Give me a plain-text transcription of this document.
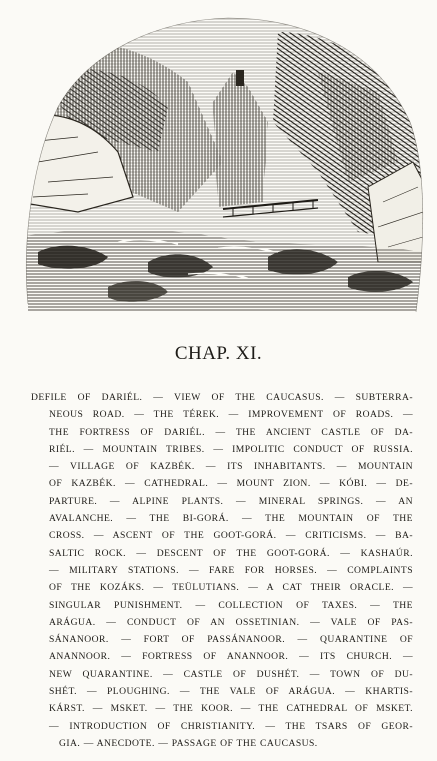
CHAP. XI.
DEFILE OF DARIÉL. — VIEW OF THE CAUCASUS. — SUBTERRA-
NEOUS ROAD. — THE TÉREK. — IMPROVEMENT OF ROADS. —
THE FORTRESS OF DARIÉL. — THE ANCIENT CASTLE OF DA-
RIÉL. — MOUNTAIN TRIBES. — IMPOLITIC CONDUCT OF RUSSIA.
— VILLAGE OF KAZBÉK. — ITS INHABITANTS. — MOUNTAIN
OF KAZBÉK. — CATHEDRAL. — MOUNT ZION. — KÓBI. — DE-
PARTURE. — ALPINE PLANTS. — MINERAL SPRINGS. — AN
AVALANCHE. — THE BI-GORÁ. — THE MOUNTAIN OF THE
CROSS. — ASCENT OF THE GOOT-GORÁ. — CRITICISMS. — BA-
SALTIC ROCK. — DESCENT OF THE GOOT-GORÁ. — KASHAÚR.
— MILITARY STATIONS. — FARE FOR HORSES. — COMPLAINTS
OF THE KOZÁKS. — TEÜLUTIANS. — A CAT THEIR ORACLE. —
SINGULAR PUNISHMENT. — COLLECTION OF TAXES. — THE
ARÁGUA. — CONDUCT OF AN OSSETINIAN. — VALE OF PAS-
SÁNANOOR. — FORT OF PASSÁNANOOR. — QUARANTINE OF
ANANNOOR. — FORTRESS OF ANANNOOR. — ITS CHURCH. —
NEW QUARANTINE. — CASTLE OF DUSHÉT. — TOWN OF DU-
SHÉT. — PLOUGHING. — THE VALE OF ARÁGUA. — KHARTIS-
KÁRST. — MSKET. — THE KOOR. — THE CATHEDRAL OF MSKET.
— INTRODUCTION OF CHRISTIANITY. — THE TSARS OF GEOR-
GIA. — ANECDOTE. — PASSAGE OF THE CAUCASUS.
